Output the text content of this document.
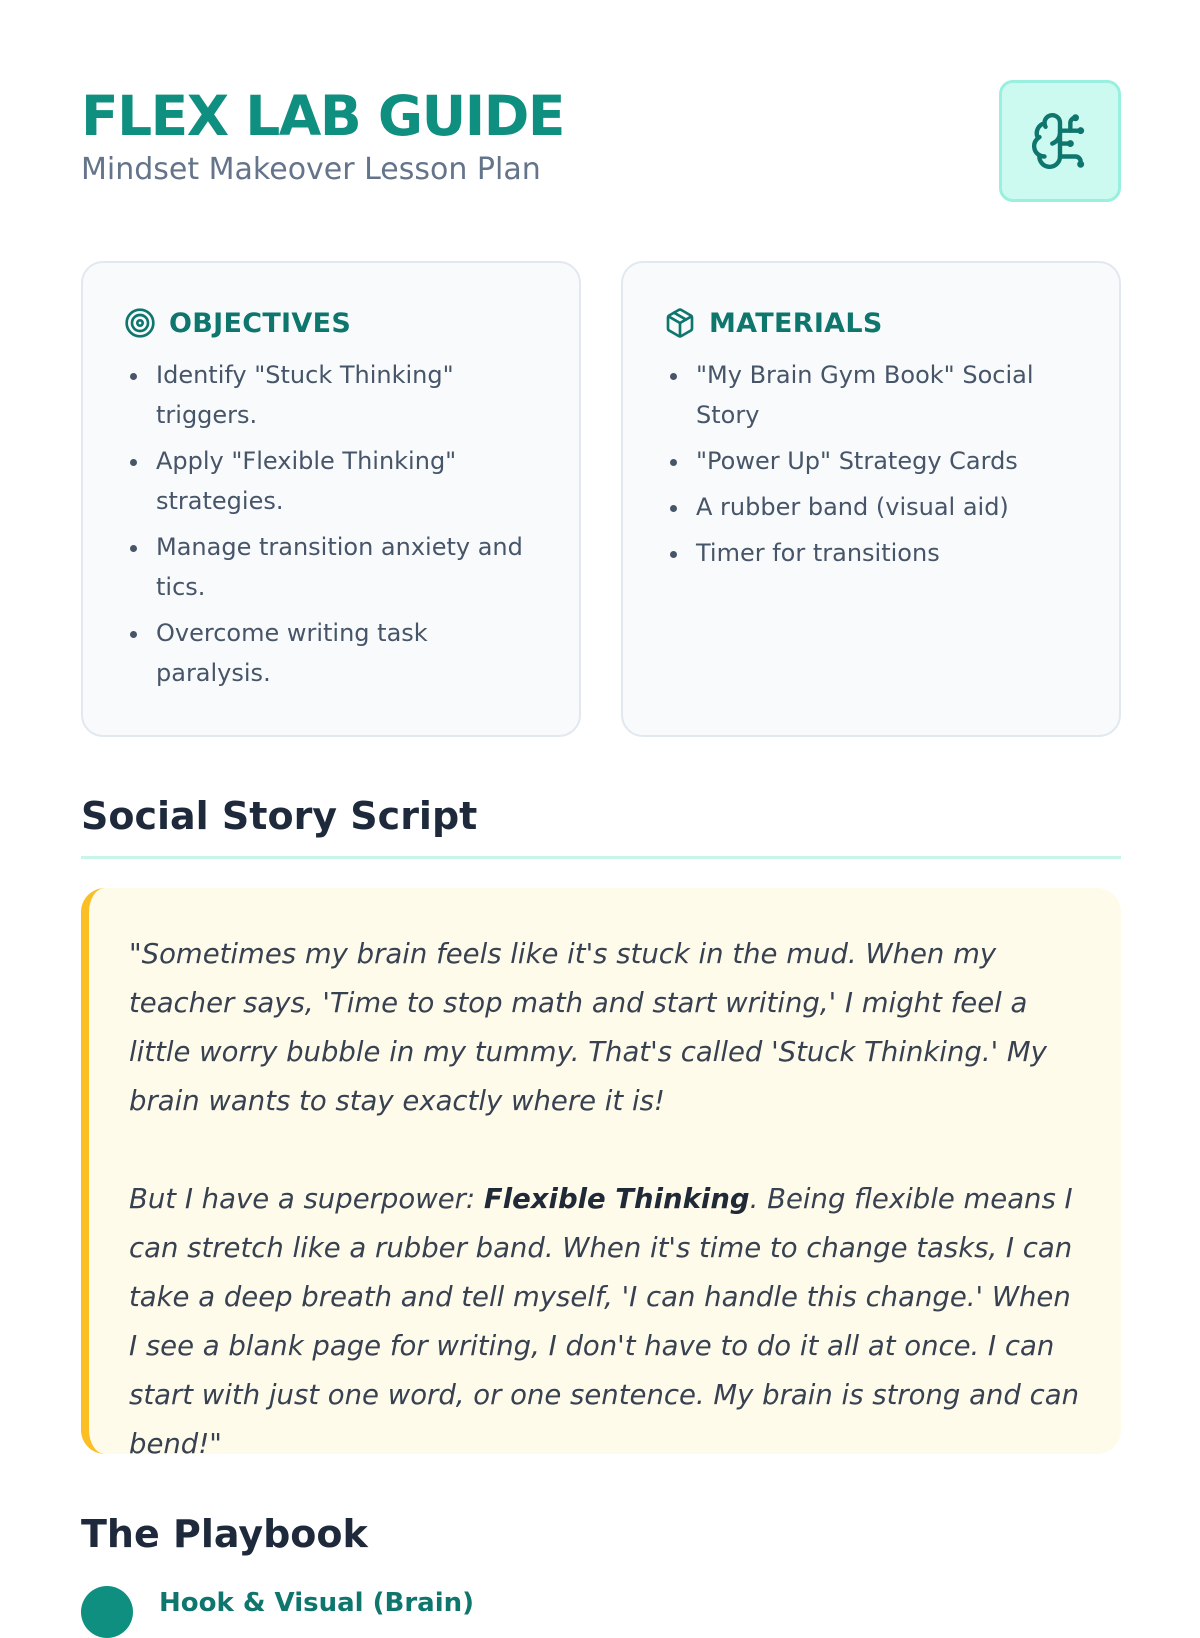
FLEX LAB GUIDE

Mindset Makeover Lesson Plan

OBJECTIVES
Identify "Stuck Thinking" triggers.
Apply "Flexible Thinking" strategies.
Manage transition anxiety and tics.
Overcome writing task paralysis.
MATERIALS
"My Brain Gym Book" Social Story
"Power Up" Strategy Cards
A rubber band (visual aid)
Timer for transitions
Social Story Script

"Sometimes my brain feels like it's stuck in the mud. When my teacher says, 'Time to stop math and start writing,' I might feel a little worry bubble in my tummy. That's called 'Stuck Thinking.' My brain wants to stay exactly where it is!

But I have a superpower: Flexible Thinking. Being flexible means I can stretch like a rubber band. When it's time to change tasks, I can take a deep breath and tell myself, 'I can handle this change.' When I see a blank page for writing, I don't have to do it all at once. I can start with just one word, or one sentence. My brain is strong and can bend!"

The Playbook
Hook & Visual (Brain)
